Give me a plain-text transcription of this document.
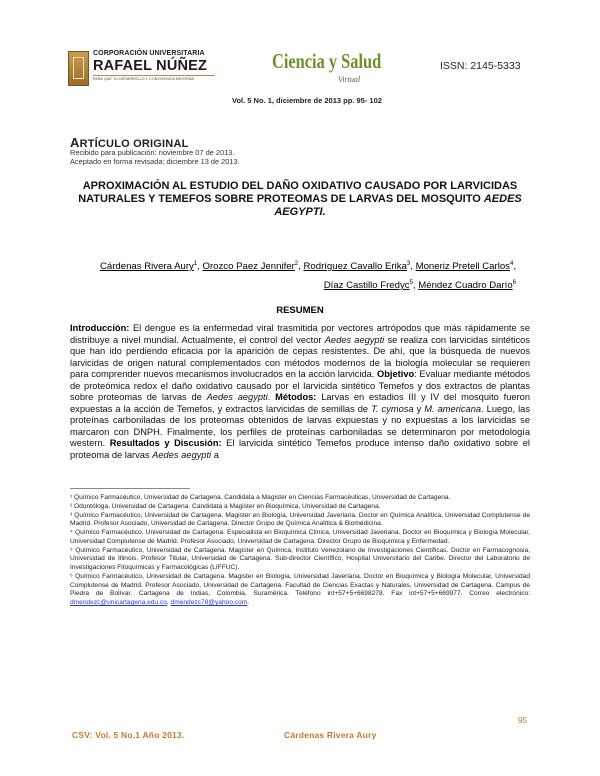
CORPORACIÓN UNIVERSITARIA
RAFAEL NÚÑEZ
PARA QUE TU DESARROLLO Y CONVIVENCIA MEJORAN
Ciencia y Salud
Virtual
ISSN: 2145-5333
Vol. 5 No. 1, diciembre de 2013 pp. 95- 102
ARTÍCULO ORIGINAL
Recibido para publicación: noviembre 07 de 2013.
Aceptado en forma revisada: diciembre 13 de 2013.
APROXIMACIÓN AL ESTUDIO DEL DAÑO OXIDATIVO CAUSADO POR LARVICIDAS NATURALES Y TEMEFOS SOBRE PROTEOMAS DE LARVAS DEL MOSQUITO AEDES AEGYPTI.
Cárdenas Rivera Aury$^1$, Orozco Paez Jennifer$^2$, Rodríguez Cavallo Erika$^3$, Moneriz Pretell Carlos$^4$, Díaz Castillo Fredyc$^5$, Méndez Cuadro Darío$^6$
RESUMEN
Introducción: El dengue es la enfermedad viral trasmitida por vectores artrópodos que más rápidamente se distribuye a nivel mundial. Actualmente, el control del vector Aedes aegypti se realiza con larvicidas sintéticos que han ido perdiendo eficacia por la aparición de cepas resistentes. De ahí, que la búsqueda de nuevos larvicidas de origen natural complementados con métodos modernos de la biología molecular se requieren para comprender nuevos mecanismos involucrados en la acción larvicida. Objetivo: Evaluar mediante métodos de proteómica redox el daño oxidativo causado por el larvicida sintético Temefos y dos extractos de plantas sobre proteomas de larvas de Aedes aegypti. Métodos: Larvas en estadios III y IV del mosquito fueron expuestas a la acción de Temefos, y extractos larvicidas de semillas de T. cymosa y M. americana. Luego, las proteínas carboniladas de los proteomas obtenidos de larvas expuestas y no expuestas a los larvicidas se marcaron con DNPH. Finalmente, los perfiles de proteínas carboniladas se determinaron por metodología western. Resultados y Discusión: El larvicida sintético Temefos produce intenso daño oxidativo sobre el proteoma de larvas Aedes aegypti a

¹ Químico Farmacéutico, Universidad de Cartagena. Candidata a Magister en Ciencias Farmacéuticas, Universidad de Cartagena.

² Odontóloga, Universidad de Cartagena. Candidata a Magister en Bioquímica, Universidad de Cartagena.

³ Químico Farmacéutico, Universidad de Cartagena. Magister en Biología, Universidad Javeriana. Doctor en Química Analítica, Universidad Complutense de Madrid. Profesor Asociado, Universidad de Cartagena. Director Grupo de Química Analítica & Biomédicina.

⁴ Químico Farmacéutico, Universidad de Cartagena. Especialista en Bioquímica Clínica, Universidad Javeriana. Doctor en Bioquímica y Biología Molecular, Universidad Complutense de Madrid. Profesor Asociado, Universidad de Cartagena. Director Grupo de Bioquímica y Enfermedad.

⁵ Químico Farmacéutico, Universidad de Cartagena. Magister en Química, Instituto Venezolano de Investigaciones Científicas. Doctor en Farmacognosia, Universidad de Illinois. Profesor Titular, Universidad de Cartagena. Sub-director Científico, Hospital Universitario del Caribe. Director del Laboratorio de Investigaciones Fitoquímicas y Farmacológicas (LIFFUC).

⁶ Químico Farmacéutico, Universidad de Cartagena. Magister en Biología, Universidad Javeriana. Doctor en Bioquímica y Biología Molecular, Universidad Complutense de Madrid. Profesor Asociado, Universidad de Cartagena. Facultad de Ciencias Exactas y Naturales, Universidad de Cartagena. Campus de Piedra de Bolívar. Cartagena de Indias, Colombia, Suramérica. Teléfono int+57+5+6698278. Fax int+57+5+669977. Correo electrónico: dmendezc@unicartagena.edu.co, dmendezc78@yahoo.com.

95
CSV: Vol. 5 No.1 Año 2013.	Cárdenas Rivera Aury
